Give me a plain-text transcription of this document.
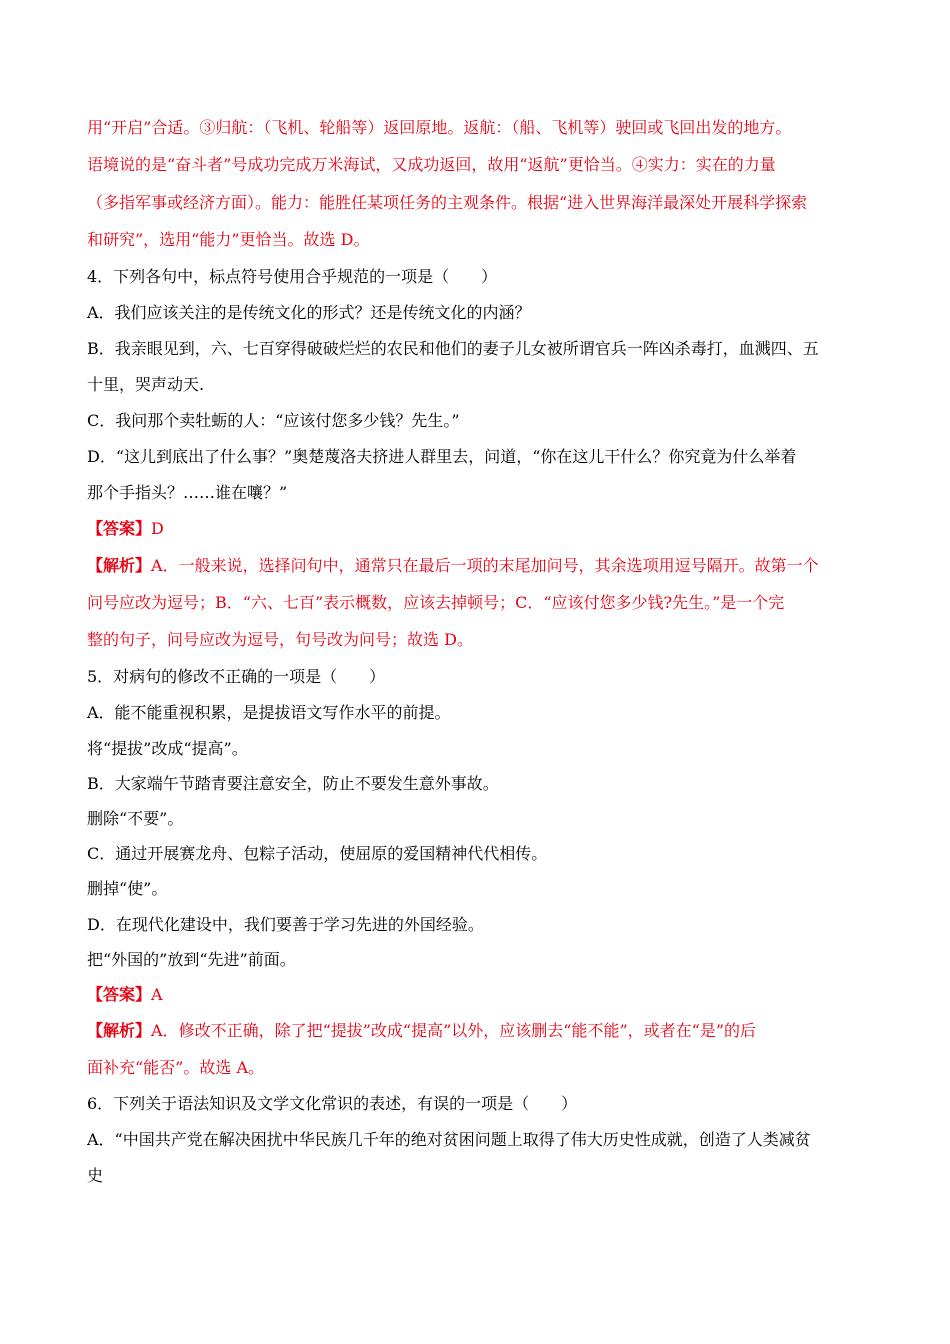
用“开启”合适。③归航：（飞机、轮船等）返回原地。返航：（船、飞机等）驶回或飞回出发的地方。
语境说的是“奋斗者”号成功完成万米海试，又成功返回，故用“返航”更恰当。④实力：实在的力量
（多指军事或经济方面）。能力：能胜任某项任务的主观条件。根据“进入世界海洋最深处开展科学探索
和研究”，选用“能力”更恰当。故选 D。
4．下列各句中，标点符号使用合乎规范的一项是（　　）
A．我们应该关注的是传统文化的形式？还是传统文化的内涵？
B．我亲眼见到，六、七百穿得破破烂烂的农民和他们的妻子儿女被所谓官兵一阵凶杀毒打，血溅四、五
十里，哭声动天.
C．我问那个卖牡蛎的人：“应该付您多少钱？先生。”
D．“这儿到底出了什么事？”奥楚蔑洛夫挤进人群里去，问道，“你在这儿干什么？你究竟为什么举着
那个手指头？……谁在嚷？”
【答案】D
【解析】A．一般来说，选择问句中，通常只在最后一项的末尾加问号，其余选项用逗号隔开。故第一个
问号应改为逗号；B．“六、七百”表示概数，应该去掉顿号；C．“应该付您多少钱?先生。”是一个完
整的句子，问号应改为逗号，句号改为问号；故选 D。
5．对病句的修改不正确的一项是（　　）
A．能不能重视积累，是提拔语文写作水平的前提。
将“提拔”改成“提高”。
B．大家端午节踏青要注意安全，防止不要发生意外事故。
删除“不要”。
C．通过开展赛龙舟、包粽子活动，使屈原的爱国精神代代相传。
删掉“使”。
D．在现代化建设中，我们要善于学习先进的外国经验。
把“外国的”放到“先进”前面。
【答案】A
【解析】A．修改不正确，除了把“提拔”改成“提高”以外，应该删去“能不能”，或者在“是”的后
面补充“能否”。故选 A。
6．下列关于语法知识及文学文化常识的表述，有误的一项是（　　）
A．“中国共产党在解决困扰中华民族几千年的绝对贫困问题上取得了伟大历史性成就，创造了人类减贫
史
